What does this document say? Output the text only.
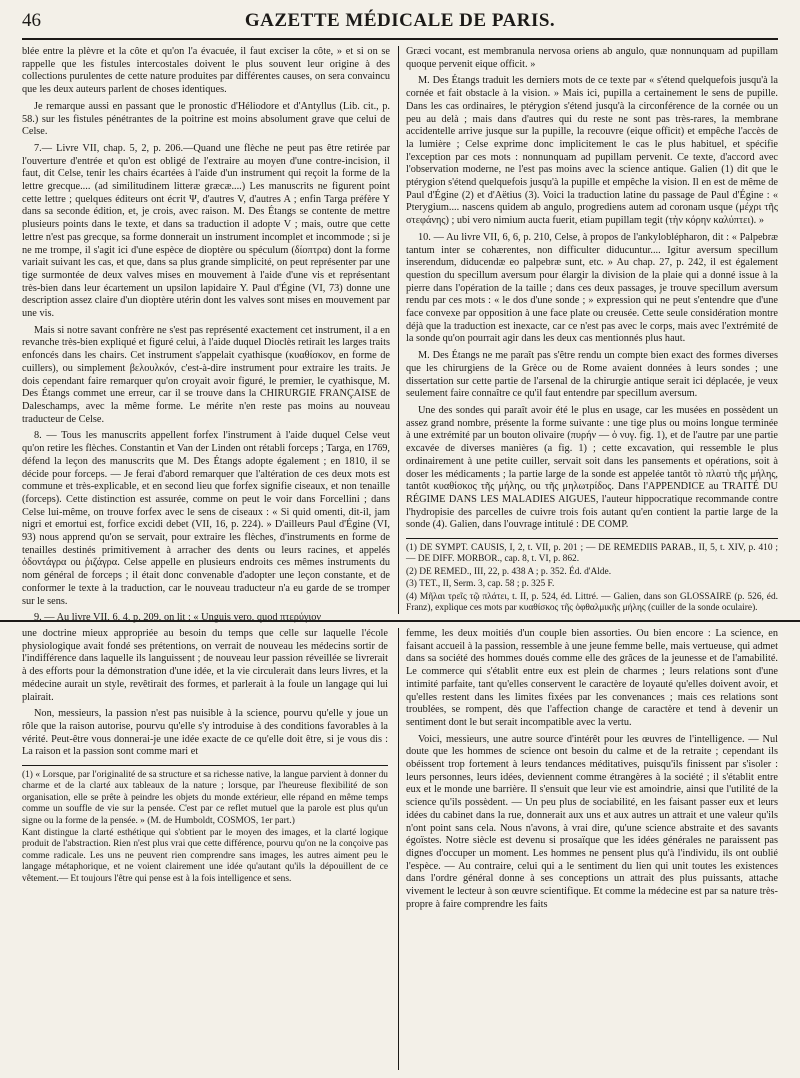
46	GAZETTE MÉDICALE DE PARIS.

blée entre la plèvre et la côte et qu'on l'a évacuée, il faut exciser la côte, » et si on se rappelle que les fistules intercostales doivent le plus souvent leur origine à des collections purulentes de cette nature produites par différentes causes, on sera convaincu que les deux auteurs parlent de choses identiques.

Je remarque aussi en passant que le pronostic d'Héliodore et d'Antyllus (Lib. cit., p. 58.) sur les fistules pénétrantes de la poitrine est moins absolument grave que celui de Celse.

7.— Livre VII, chap. 5, 2, p. 206.—Quand une flèche ne peut pas être retirée par l'ouverture d'entrée et qu'on est obligé de l'extraire au moyen d'une contre-incision, il faut, dit Celse, tenir les chairs écartées à l'aide d'un instrument qui reçoit la forme de la lettre grecque.... (ad similitudinem litteræ græcæ....) Les manuscrits ne figurent point cette lettre ; quelques éditeurs ont écrit Ψ, d'autres V, d'autres A ; enfin Targa préfère Y dans sa seconde édition, et, je crois, avec raison. M. Des Étangs se contente de mettre plusieurs points dans le texte, et dans sa traduction il adopte V ; mais, outre que cette lettre n'est pas grecque, sa forme donnerait un instrument incomplet et incommode ; si je ne me trompe, il s'agit ici d'une espèce de dioptère ou spéculum (δίοπτρα) dont la forme variait suivant les cas, et que, dans sa plus grande simplicité, on peut représenter par une tige surmontée de deux valves mises en mouvement à l'aide d'une vis et représentant très-bien dans leur écartement un upsilon lapidaire Y. Paul d'Égine (VI, 73) donne une description assez claire d'un dioptère utérin dont les valves sont mises en mouvement par une vis.

Mais si notre savant confrère ne s'est pas représenté exactement cet instrument, il a en revanche très-bien expliqué et figuré celui, à l'aide duquel Dioclès retirait les larges traits enfoncés dans les chairs. Cet instrument s'appelait cyathisque (κυαθίσκον, en forme de cuillers), ou simplement βελουλκόν, c'est-à-dire instrument pour extraire les traits. Je dois cependant faire remarquer qu'on croyait avoir figuré, le premier, le cyathisque, M. Des Étangs commet une erreur, car il se trouve dans la CHIRURGIE FRANÇAISE de Daleschamps, avec la même forme. Le mérite n'en reste pas moins au nouveau traducteur de Celse.

8. — Tous les manuscrits appellent forfex l'instrument à l'aide duquel Celse veut qu'on retire les flèches. Constantin et Van der Linden ont rétabli forceps ; Targa, en 1769, défend la leçon des manuscrits que M. Des Étangs adopte également ; en 1810, il se décide pour forceps. — Je ferai d'abord remarquer que l'altération de ces deux mots est commune et très-explicable, et en second lieu que forfex signifie ciseaux, et non tenaille (forceps). Cette distinction est assurée, comme on peut le voir dans Forcellini ; dans Celse lui-même, on trouve forfex avec le sens de ciseaux : « Si quid omenti, dit-il, jam nigri et emortui est, forfice excidi debet (VII, 16, p. 224). » D'ailleurs Paul d'Égine (VI, 93) nous apprend qu'on se servait, pour extraire les flèches, d'instruments en forme de tenailles destinés primitivement à arracher des dents ou leurs racines, et appelés ὀδοντάγρα ou ῥιζάγρα. Celse appelle en plusieurs endroits ces mêmes instruments du nom général de forceps ; il était donc convenable d'adopter une leçon constante, et de conformer le texte à la traduction, car le nouveau traducteur n'a eu garde de se tromper sur le sens.

9. — Au livre VII, 6, 4, p. 209, on lit : « Unguis vero, quod πτερύγιον

Græci vocant, est membranula nervosa oriens ab angulo, quæ nonnunquam ad pupillam quoque pervenit eique officit. »

M. Des Étangs traduit les derniers mots de ce texte par « s'étend quelquefois jusqu'à la cornée et fait obstacle à la vision. » Mais ici, pupilla a certainement le sens de pupille. Dans les cas ordinaires, le ptérygion s'étend jusqu'à la circonférence de la cornée ou un peu au delà ; mais dans d'autres qui du reste ne sont pas très-rares, la membrane accidentelle arrive jusque sur la pupille, la recouvre (eique officit) et empêche l'accès de la lumière ; Celse exprime donc implicitement le cas le plus habituel, et spécifie l'exception par ces mots : nonnunquam ad pupillam pervenit. Ce texte, d'accord avec l'observation moderne, ne l'est pas moins avec la science antique. Galien (1) dit que le ptérygion s'étend quelquefois jusqu'à la pupille et empêche la vision. Il en est de même de Paul d'Égine (2) et d'Aëtius (3). Voici la traduction latine du passage de Paul d'Égine : « Pterygium.... nascens quidem ab angulo, progrediens autem ad coronam usque (μέχρι τῆς στεφάνης) ; ubi vero nimium aucta fuerit, etiam pupillam tegit (τὴν κόρην καλύπτει). »

10. — Au livre VII, 6, 6, p. 210, Celse, à propos de l'ankyloblépharon, dit : « Palpebræ tantum inter se cohærentes, non difficulter diducuntur.... Igitur aversum specillum inserendum, diducendæ eo palpebræ sunt, etc. » Au chap. 27, p. 242, il est également question du specillum aversum pour élargir la division de la plaie qui a donné issue à la pierre dans l'opération de la taille ; dans ces deux passages, je trouve specillum aversum rendu par ces mots : « le dos d'une sonde ; » expression qui ne peut s'entendre que d'une face convexe par opposition à une face plate ou creusée. Cette seule considération montre déjà que la traduction est inexacte, car ce n'est pas avec le corps, mais avec l'extrémité de la sonde qu'on pourrait agir dans les deux cas mentionnés plus haut.

M. Des Étangs ne me paraît pas s'être rendu un compte bien exact des formes diverses que les chirurgiens de la Grèce ou de Rome avaient données à leurs sondes ; une dissertation sur cette partie de l'arsenal de la chirurgie antique serait ici déplacée, je veux seulement faire connaître ce qu'il faut entendre par specillum aversum.

Une des sondes qui paraît avoir été le plus en usage, car les musées en possèdent un assez grand nombre, présente la forme suivante : une tige plus ou moins longue terminée à une extrémité par un bouton olivaire (πυρήν — ὁ νυγ. fig. 1), et de l'autre par une partie excavée de diverses manières (a fig. 1) ; cette excavation, qui ressemble le plus ordinairement à une petite cuiller, servait soit dans les pansements et opérations, soit à doser les médicaments ; la partie large de la sonde est appelée tantôt τὸ πλατὺ τῆς μήλης, tantôt κυαθίσκος τῆς μήλης, ou τῆς μηλωτρίδος. Dans l'APPENDICE au TRAITÉ DU RÉGIME DANS LES MALADIES AIGUES, l'auteur hippocratique recommande contre l'hydropisie des parcelles de cuivre trois fois autant qu'en contient la partie large de la sonde (4). Galien, dans l'ouvrage intitulé : DE COMP.

(1) DE SYMPT. CAUSIS, I, 2, t. VII, p. 201 ; — DE REMEDIIS PARAB., II, 5, t. XIV, p. 410 ; — DE DIFF. MORBOR., cap. 8, t. VI, p. 862.

(2) DE REMED., III, 22, p. 438 A ; p. 352. Éd. d'Alde.

(3) TET., II, Serm. 3, cap. 58 ; p. 325 F.

(4) Μῆλαι τρεῖς τῷ πλάτει, t. II, p. 524, éd. Littré. — Galien, dans son GLOSSAIRE (p. 526, éd. Franz), explique ces mots par κυαθίσκος τῆς ὀφθαλμικῆς μήλης (cuiller de la sonde oculaire).

une doctrine mieux appropriée au besoin du temps que celle sur laquelle l'école physiologique avait fondé ses prétentions, on verrait de nouveau les médecins sortir de l'indifférence dans laquelle ils languissent ; de nouveau leur passion réveillée se livrerait à des efforts pour la démonstration d'une idée, et la vie circulerait dans leurs livres, et la médecine aurait un style, revêtirait des formes, et parlerait à la foule un langage qui lui plairait.

Non, messieurs, la passion n'est pas nuisible à la science, pourvu qu'elle y joue un rôle que la raison autorise, pourvu qu'elle s'y introduise à des conditions favorables à la vérité. Peut-être vous donnerai-je une idée exacte de ce qu'elle doit être, si je vous dis : La raison et la passion sont comme mari et

(1) « Lorsque, par l'originalité de sa structure et sa richesse native, la langue parvient à donner du charme et de la clarté aux tableaux de la nature ; lorsque, par l'heureuse flexibilité de son organisation, elle se prête à peindre les objets du monde extérieur, elle répand en même temps comme un souffle de vie sur la pensée. C'est par ce reflet mutuel que la parole est plus qu'un signe ou la forme de la pensée. » (M. de Humboldt, COSMOS, 1er part.)

Kant distingue la clarté esthétique qui s'obtient par le moyen des images, et la clarté logique produit de l'abstraction. Rien n'est plus vrai que cette différence, pourvu qu'on ne la conçoive pas comme radicale. Les uns ne peuvent rien comprendre sans images, les autres aiment peu le langage métaphorique, et ne voient clairement une idée qu'autant qu'ils la dépouillent de ce vêtement.— Et toujours l'être qui pense est à la fois intelligence et sens.

femme, les deux moitiés d'un couple bien assorties. Ou bien encore : La science, en faisant accueil à la passion, ressemble à une jeune femme belle, mais vertueuse, qui admet dans sa société des hommes doués comme elle des grâces de la jeunesse et de l'amabilité. Le commerce qui s'établit entre eux est plein de charmes ; leurs relations sont d'une intimité parfaite, tant qu'elles conservent le caractère de loyauté qu'elles doivent avoir, et qu'elles restent dans les limites fixées par les convenances ; mais ces relations sont troublées, se rompent, dès que l'affection change de caractère et tend à devenir un sentiment dont le but serait incompatible avec la vertu.

Voici, messieurs, une autre source d'intérêt pour les œuvres de l'intelligence. — Nul doute que les hommes de science ont besoin du calme et de la retraite ; cependant ils obéissent trop fortement à leurs tendances méditatives, puisqu'ils finissent par s'isoler : leurs personnes, leurs idées, deviennent comme étrangères à la société ; il s'établit entre eux et le monde une barrière. Il s'ensuit que leur vie est amoindrie, ainsi que l'utilité de la science qu'ils possèdent. — Un peu plus de sociabilité, en les faisant passer eux et leurs idées du cabinet dans la rue, donnerait aux uns et aux autres un attrait et une valeur qu'ils n'ont point sans cela. Nous n'avons, à vrai dire, qu'une science abstraite et des savants égoïstes. Notre siècle est devenu si prosaïque que les idées générales ne paraissent pas dignes d'occuper un moment. Les hommes ne pensent plus qu'à l'individu, ils ont oublié l'espèce. — Au contraire, celui qui a le sentiment du lien qui unit toutes les existences dans l'ordre général donne à ses conceptions un attrait des plus puissants, attache vivement le lecteur à son œuvre scientifique. Et comme la médecine est par sa nature très-propre à faire comprendre les faits
